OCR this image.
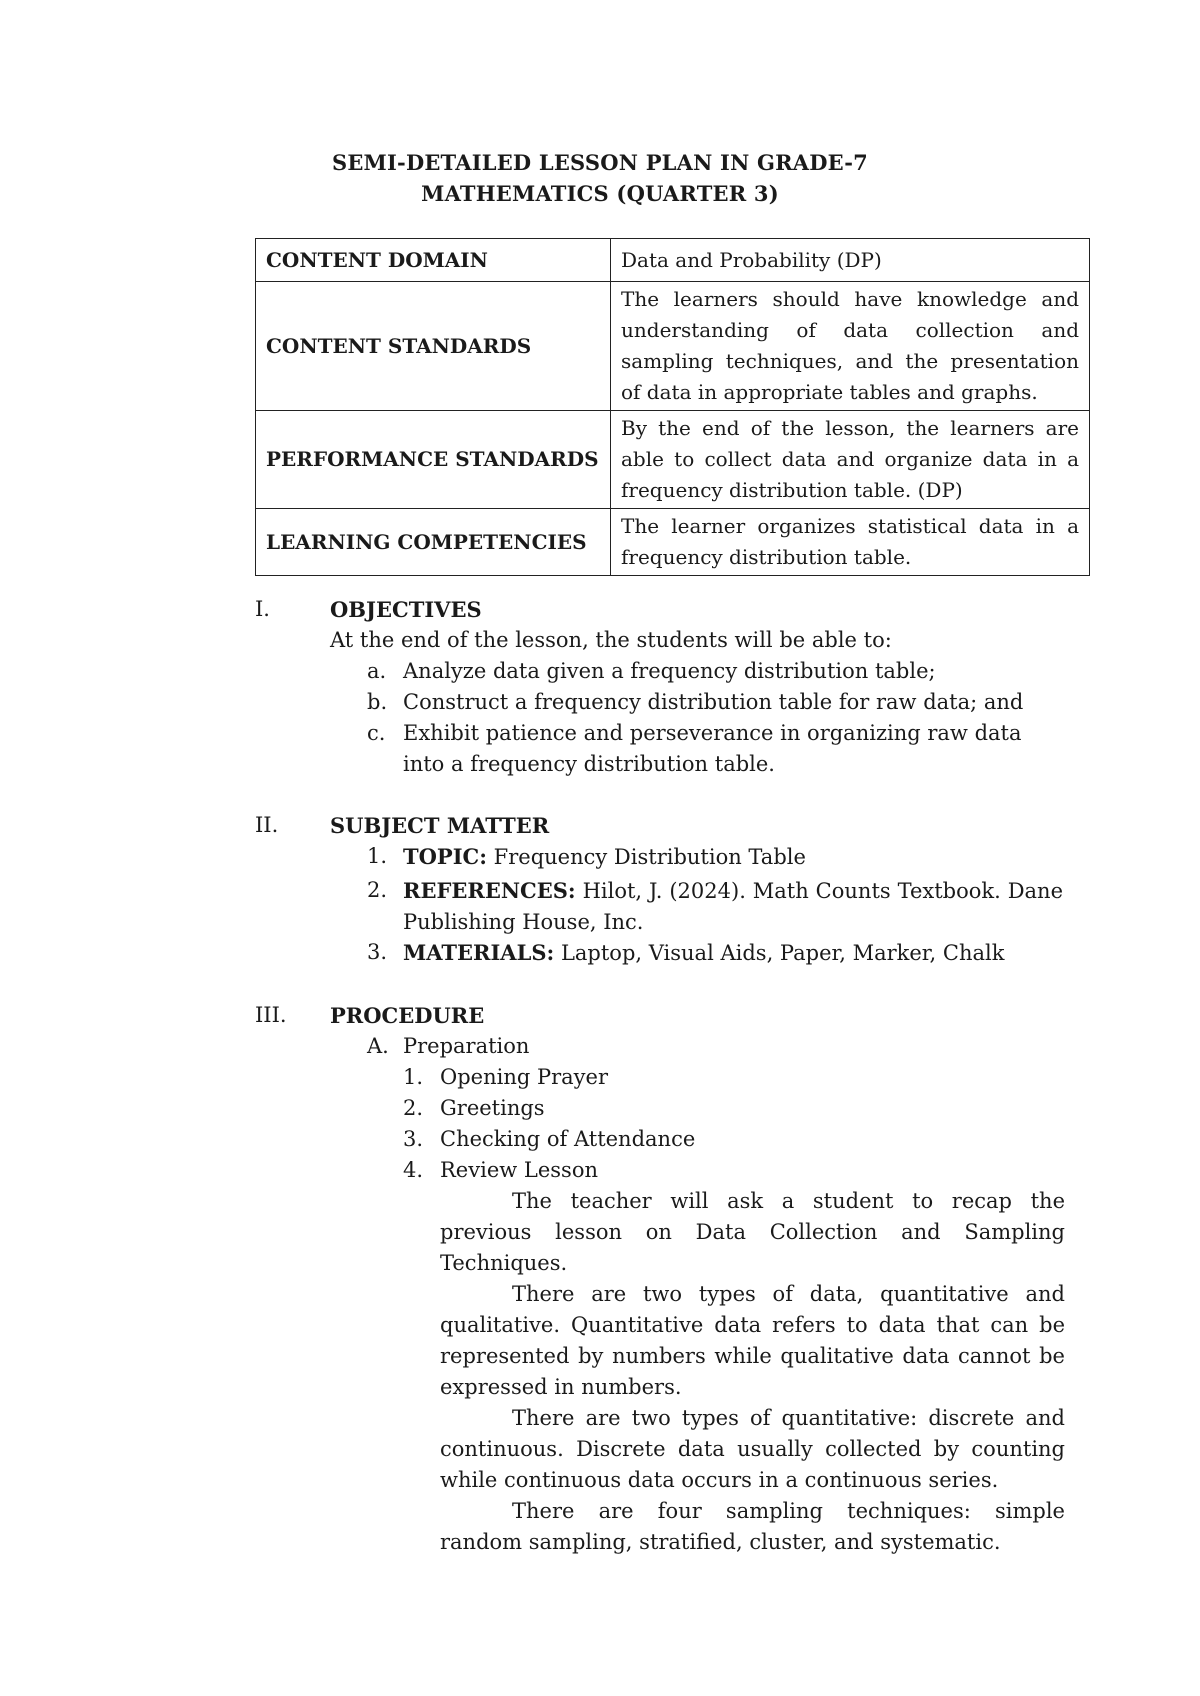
SEMI-DETAILED LESSON PLAN IN GRADE-7
MATHEMATICS (QUARTER 3)
CONTENT DOMAIN	Data and Probability (DP)
CONTENT STANDARDS	The learners should have knowledge and understanding of data collection and sampling techniques, and the presentation of data in appropriate tables and graphs.
PERFORMANCE STANDARDS	By the end of the lesson, the learners are able to collect data and organize data in a frequency distribution table. (DP)
LEARNING COMPETENCIES	The learner organizes statistical data in a frequency distribution table.
I.	OBJECTIVES
At the end of the lesson, the students will be able to:
a. Analyze data given a frequency distribution table;
b. Construct a frequency distribution table for raw data; and
c. Exhibit patience and perseverance in organizing raw data into a frequency distribution table.
II. SUBJECT MATTER
1. TOPIC: Frequency Distribution Table
2. REFERENCES: Hilot, J. (2024). Math Counts Textbook. Dane Publishing House, Inc.
3. MATERIALS: Laptop, Visual Aids, Paper, Marker, Chalk
III. PROCEDURE
A. Preparation
1. Opening Prayer
2. Greetings
3. Checking of Attendance
4. Review Lesson
The teacher will ask a student to recap the previous lesson on Data Collection and Sampling Techniques.
There are two types of data, quantitative and qualitative. Quantitative data refers to data that can be represented by numbers while qualitative data cannot be expressed in numbers.
There are two types of quantitative: discrete and continuous. Discrete data usually collected by counting while continuous data occurs in a continuous series.
There are four sampling techniques: simple random sampling, stratified, cluster, and systematic.
